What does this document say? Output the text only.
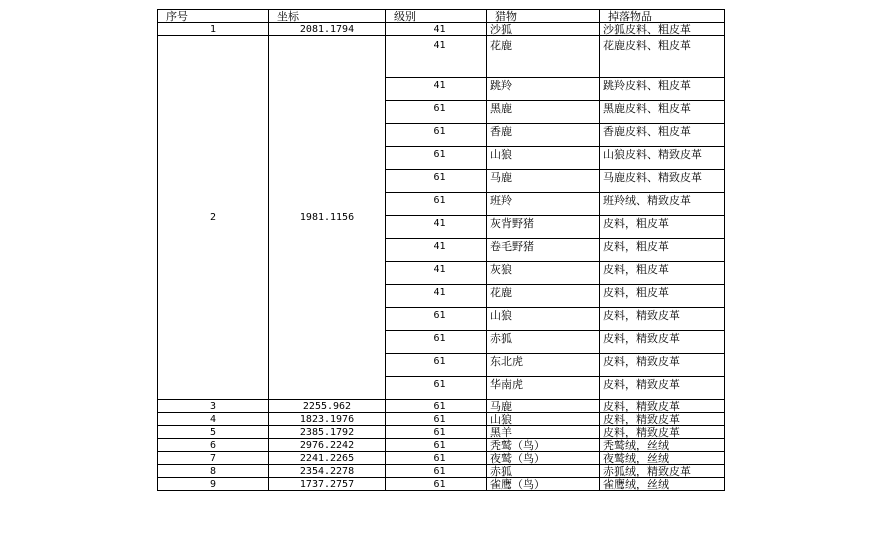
序号	坐标	级别	猎物	掉落物品
1	2081.1794	41	沙狐	沙狐皮料、粗皮革
2	1981.1156	41	花鹿	花鹿皮料、粗皮革
		41	跳羚	跳羚皮料、粗皮革
		61	黑鹿	黑鹿皮料、粗皮革
		61	香鹿	香鹿皮料、粗皮革
		61	山狼	山狼皮料、精致皮革
		61	马鹿	马鹿皮料、精致皮革
		61	班羚	班羚绒、精致皮革
		41	灰背野猪	皮料，粗皮革
		41	卷毛野猪	皮料，粗皮革
		41	灰狼	皮料，粗皮革
		41	花鹿	皮料，粗皮革
		61	山狼	皮料，精致皮革
		61	赤狐	皮料，精致皮革
		61	东北虎	皮料，精致皮革
		61	华南虎	皮料，精致皮革
3	2255.962	61	马鹿	皮料，精致皮革
4	1823.1976	61	山狼	皮料，精致皮革
5	2385.1792	61	黑羊	皮料，精致皮革
6	2976.2242	61	秃鹫（鸟）	秃鹫绒，丝绒
7	2241.2265	61	夜鹫（鸟）	夜鹫绒，丝绒
8	2354.2278	61	赤狐	赤狐绒，精致皮革
9	1737.2757	61	雀鹰（鸟）	雀鹰绒，丝绒
